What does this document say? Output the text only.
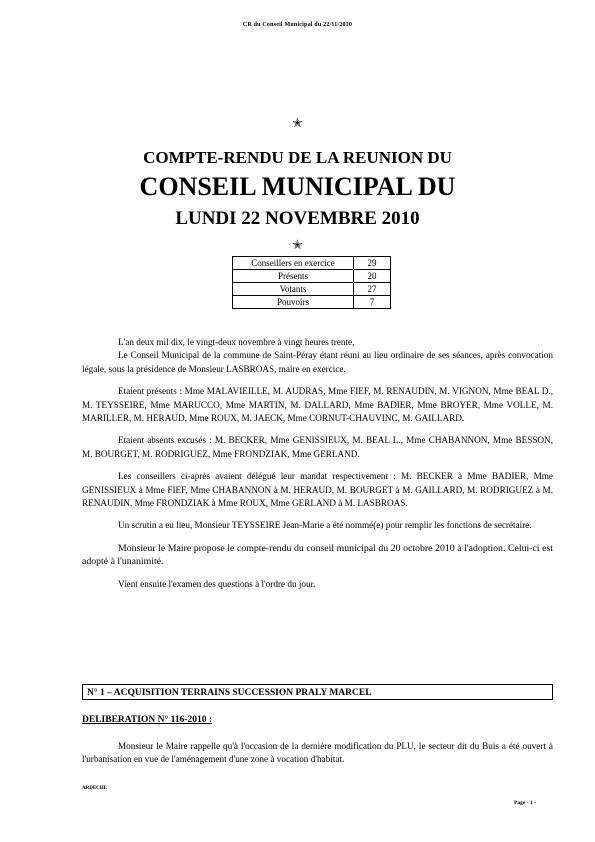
CR du Conseil Municipal du 22/11/2010
✭
COMPTE-RENDU DE LA REUNION DU
CONSEIL MUNICIPAL DU
LUNDI 22 NOVEMBRE 2010
✭
Conseillers en exercice	29
Présents	20
Votants	27
Pouvoirs	7

L'an deux mil dix, le vingt-deux novembre à vingt heures trente,

Le Conseil Municipal de la commune de Saint-Péray étant réuni au lieu ordinaire de ses séances, après convocation légale, sous la présidence de Monsieur LASBROAS, maire en exercice.

Etaient présents : Mme MALAVIEILLE, M. AUDRAS, Mme FIEF, M. RENAUDIN, M. VIGNON, Mme BEAL D., M. TEYSSEIRE, Mme MARUCCO, Mme MARTIN, M. DALLARD, Mme BADIER, Mme BROYER, Mme VOLLE, M. MARILLER, M. HERAUD, Mme ROUX, M. JAECK, Mme CORNUT-CHAUVINC, M. GAILLARD.

Etaient absents excusés : M. BECKER, Mme GENISSIEUX, M. BEAL L., Mme CHABANNON, Mme BESSON, M. BOURGET, M. RODRIGUEZ, Mme FRONDZIAK, Mme GERLAND.

Les conseillers ci-après avaient délégué leur mandat respectivement : M. BECKER à Mme BADIER, Mme GENISSIEUX à Mme FIEF, Mme CHABANNON à M. HERAUD, M. BOURGET à M. GAILLARD, M. RODRIGUEZ à M. RENAUDIN, Mme FRONDZIAK à Mme ROUX, Mme GERLAND à M. LASBROAS.

Un scrutin a eu lieu, Monsieur TEYSSEIRE Jean-Marie a été nommé(e) pour remplir les fonctions de secrétaire.

Monsieur le Maire propose le compte-rendu du conseil municipal du 20 octobre 2010 à l'adoption. Celui-ci est adopté à l'unanimité.

Vient ensuite l'examen des questions à l'ordre du jour.

N° 1 – ACQUISITION TERRAINS SUCCESSION PRALY MARCEL
DELIBERATION N° 116-2010 :

Monsieur le Maire rappelle qu'à l'occasion de la dernière modification du PLU, le secteur dit du Buis a été ouvert à l'urbanisation en vue de l'aménagement d'une zone à vocation d'habitat.

ARDECHE
Page - 1 -
